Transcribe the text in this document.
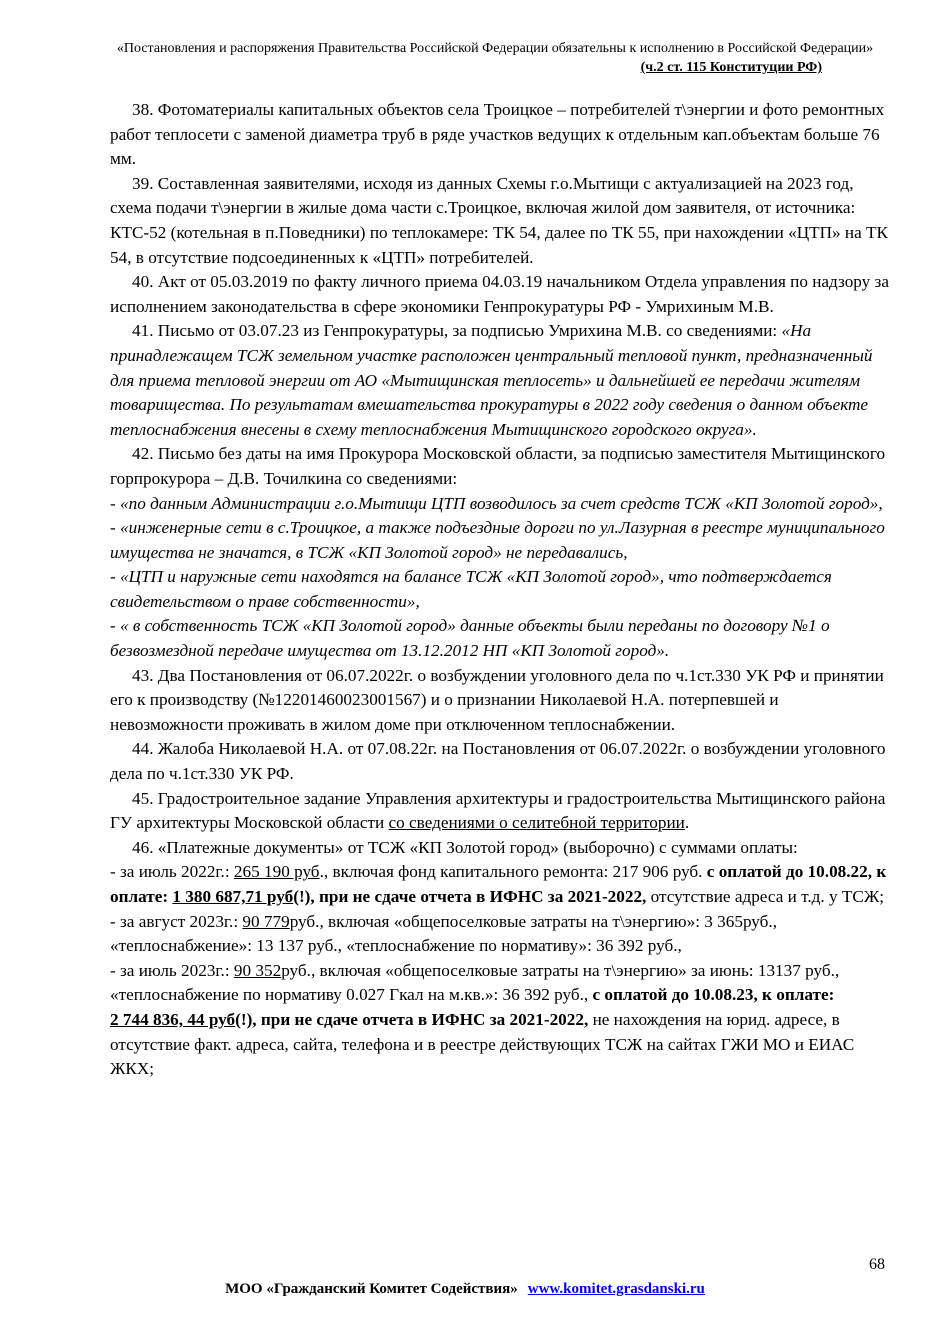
«Постановления и распоряжения Правительства Российской Федерации обязательны к исполнению в Российской Федерации»
(ч.2 ст. 115 Конституции РФ)

38. Фотоматериалы капитальных объектов села Троицкое – потребителей т\энергии и фото ремонтных работ теплосети с заменой диаметра труб в ряде участков ведущих к отдельным кап.объектам больше 76 мм.

39. Составленная заявителями, исходя из данных Схемы г.о.Мытищи с актуализацией на 2023 год, схема подачи т\энергии в жилые дома части с.Троицкое, включая жилой дом заявителя, от источника: КТС-52 (котельная в п.Поведники) по теплокамере: ТК 54, далее по ТК 55, при нахождении «ЦТП» на ТК 54, в отсутствие подсоединенных к «ЦТП» потребителей.

40. Акт от 05.03.2019 по факту личного приема 04.03.19 начальником Отдела управления по надзору за исполнением законодательства в сфере экономики Генпрокуратуры РФ - Умрихиным М.В.

41. Письмо от 03.07.23 из Генпрокуратуры, за подписью Умрихина М.В. со сведениями: «На принадлежащем ТСЖ земельном участке расположен центральный тепловой пункт, предназначенный для приема тепловой энергии от АО «Мытищинская теплосеть» и дальнейшей ее передачи жителям товарищества. По результатам вмешательства прокуратуры в 2022 году сведения о данном объекте теплоснабжения внесены в схему теплоснабжения Мытищинского городского округа».

42. Письмо без даты на имя Прокурора Московской области, за подписью заместителя Мытищинского горпрокурора – Д.В. Точилкина со сведениями:

- «по данным Администрации г.о.Мытищи ЦТП возводилось за счет средств ТСЖ «КП Золотой город»,

- «инженерные сети в с.Троицкое, а также подъездные дороги по ул.Лазурная в реестре муниципального имущества не значатся, в ТСЖ «КП Золотой город» не передавались,

- «ЦТП и наружные сети находятся на балансе ТСЖ «КП Золотой город», что подтверждается свидетельством о праве собственности»,

- « в собственность ТСЖ «КП Золотой город» данные объекты были переданы по договору №1 о безвозмездной передаче имущества от 13.12.2012 НП «КП Золотой город».

43. Два Постановления от 06.07.2022г. о возбуждении уголовного дела по ч.1ст.330 УК РФ и принятии его к производству (№12201460023001567) и о признании Николаевой Н.А. потерпевшей и невозможности проживать в жилом доме при отключенном теплоснабжении.

44. Жалоба Николаевой Н.А. от 07.08.22г. на Постановления от 06.07.2022г. о возбуждении уголовного дела по ч.1ст.330 УК РФ.

45. Градостроительное задание Управления архитектуры и градостроительства Мытищинского района ГУ архитектуры Московской области со сведениями о селитебной территории.

46. «Платежные документы» от ТСЖ «КП Золотой город» (выборочно) с суммами оплаты:

- за июль 2022г.: 265 190 руб., включая фонд капитального ремонта: 217 906 руб. с оплатой до 10.08.22, к оплате: 1 380 687,71 руб(!), при не сдаче отчета в ИФНС за 2021-2022, отсутствие адреса и т.д. у ТСЖ;

- за август 2023г.: 90 779руб., включая «общепоселковые затраты на т\энергию»: 3 365руб., «теплоснабжение»: 13 137 руб., «теплоснабжение по нормативу»: 36 392 руб.,

- за июль 2023г.: 90 352руб., включая «общепоселковые затраты на т\энергию» за июнь: 13137 руб., «теплоснабжение по нормативу 0.027 Гкал на м.кв.»: 36 392 руб., с оплатой до 10.08.23, к оплате:

2 744 836, 44 руб(!), при не сдаче отчета в ИФНС за 2021-2022, не нахождения на юрид. адресе, в отсутствие факт. адреса, сайта, телефона и в реестре действующих ТСЖ на сайтах ГЖИ МО и ЕИАС ЖКХ;

68
МОО «Гражданский Комитет Содействия» www.komitet.grasdanski.ru
